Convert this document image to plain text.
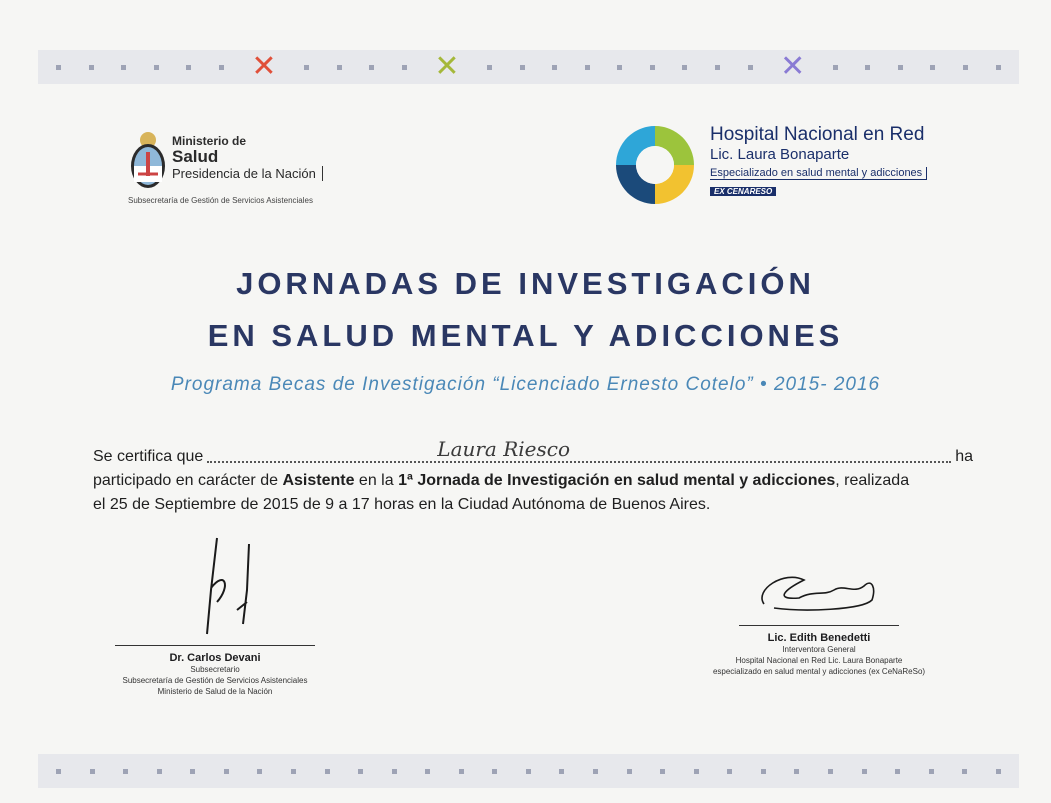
✕	✕	✕
Ministerio de
Salud
Presidencia de la Nación
Subsecretaría de Gestión de Servicios Asistenciales
Hospital Nacional en Red
Lic. Laura Bonaparte
Especializado en salud mental y adicciones
EX CENARESO
JORNADAS DE INVESTIGACIÓN
EN SALUD MENTAL Y ADICCIONES
Programa Becas de Investigación “Licenciado Ernesto Cotelo” • 2015- 2016
Se certifica que	Laura Riesco	ha
participado en carácter de Asistente en la 1ª Jornada de Investigación en salud mental y adicciones, realizada
el 25 de Septiembre de 2015 de 9 a 17 horas en la Ciudad Autónoma de Buenos Aires.
Dr. Carlos Devani
Subsecretario
Subsecretaría de Gestión de Servicios Asistenciales
Ministerio de Salud de la Nación
Lic. Edith Benedetti
Interventora General
Hospital Nacional en Red Lic. Laura Bonaparte
especializado en salud mental y adicciones (ex CeNaReSo)
